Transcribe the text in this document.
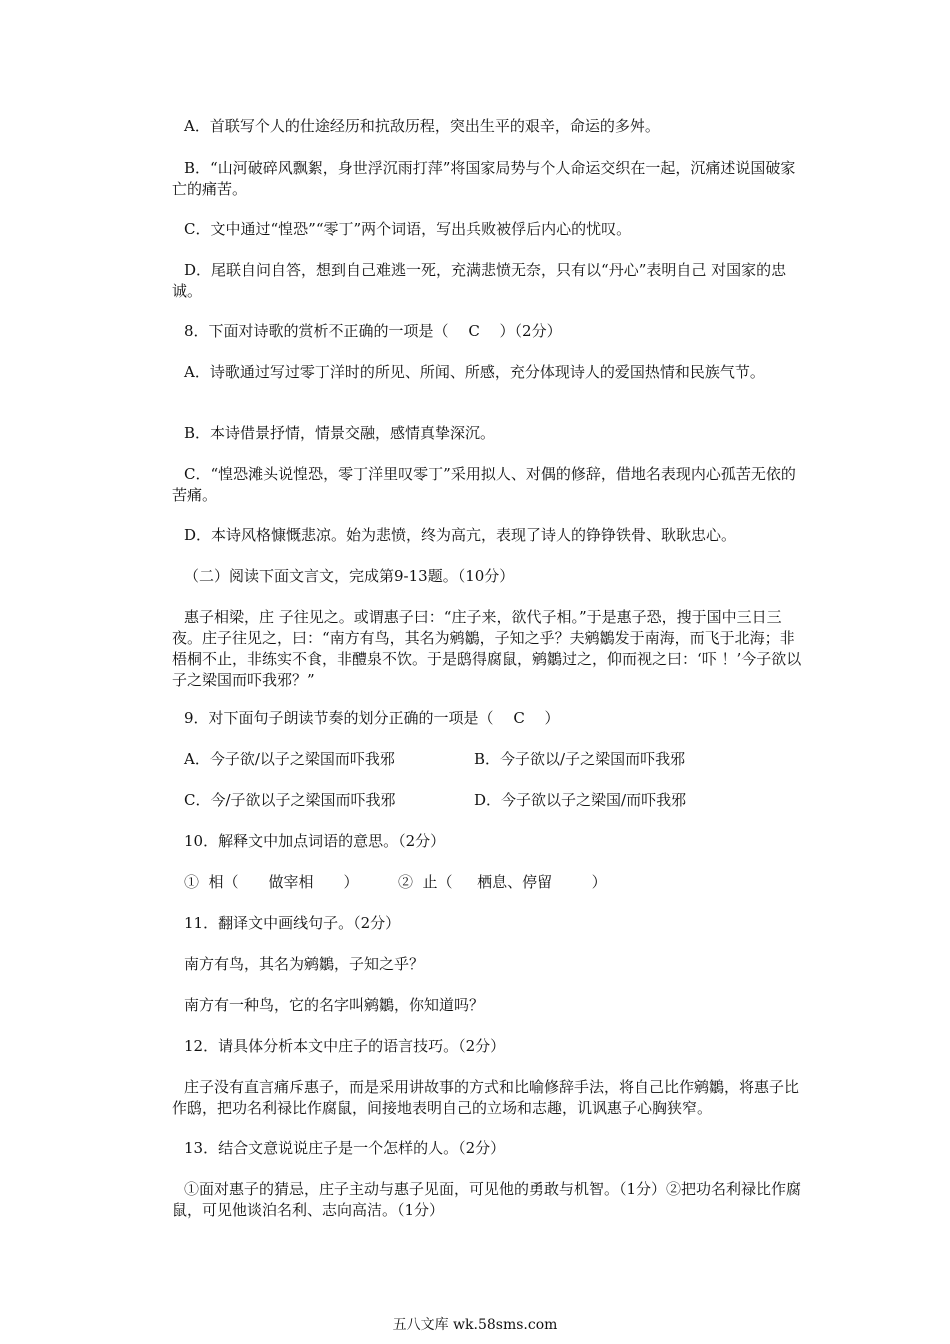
A．首联写个人的仕途经历和抗敌历程，突出生平的艰辛，命运的多舛。

B．“山河破碎风飘絮，身世浮沉雨打萍”将国家局势与个人命运交织在一起，沉痛述说国破家亡的痛苦。

C．文中通过“惶恐”“零丁”两个词语，写出兵败被俘后内心的忧叹。

D．尾联自问自答，想到自己难逃一死，充满悲愤无奈，只有以“丹心”表明自己 对国家的忠诚。

8．下面对诗歌的赏析不正确的一项是（　 C　 ）（2分）

A．诗歌通过写过零丁洋时的所见、所闻、所感，充分体现诗人的爱国热情和民族气节。

B．本诗借景抒情，情景交融，感情真挚深沉。

C．“惶恐滩头说惶恐，零丁洋里叹零丁”采用拟人、对偶的修辞，借地名表现内心孤苦无依的苦痛。

D．本诗风格慷慨悲凉。始为悲愤，终为高亢，表现了诗人的铮铮铁骨、耿耿忠心。

（二）阅读下面文言文，完成第9-13题。（10分）

惠子相梁，庄 子往见之。或谓惠子曰：“庄子来，欲代子相。”于是惠子恐，搜于国中三日三夜。庄子往见之，曰：“南方有鸟，其名为鹓鶵，子知之乎？夫鹓鶵发于南海，而飞于北海；非梧桐不止，非练实不食，非醴泉不饮。于是鸱得腐鼠，鹓鶵过之，仰而视之曰：‘吓 ！’今子欲以子之梁国而吓我邪？”

9．对下面句子朗读节奏的划分正确的一项是（　 C　 ）

A．今子欲/以子之梁国而吓我邪	B．今子欲以/子之梁国而吓我邪
C．今/子欲以子之梁国而吓我邪	D．今子欲以子之梁国/而吓我邪

10．解释文中加点词语的意思。（2分）

①  相（　　做宰相　　）	②  止（　  栖息、停留　　  ）

11．翻译文中画线句子。（2分）

南方有鸟，其名为鹓鶵，子知之乎？

南方有一种鸟，它的名字叫鹓鶵，你知道吗？

12．请具体分析本文中庄子的语言技巧。（2分）

庄子没有直言痛斥惠子，而是采用讲故事的方式和比喻修辞手法，将自己比作鹓鶵，将惠子比作鸱，把功名利禄比作腐鼠，间接地表明自己的立场和志趣，讥讽惠子心胸狭窄。

13．结合文意说说庄子是一个怎样的人。（2分）

①面对惠子的猜忌，庄子主动与惠子见面，可见他的勇敢与机智。（1分）②把功名利禄比作腐鼠，可见他谈泊名利、志向高洁。（1分）

五八文库 wk.58sms.com
